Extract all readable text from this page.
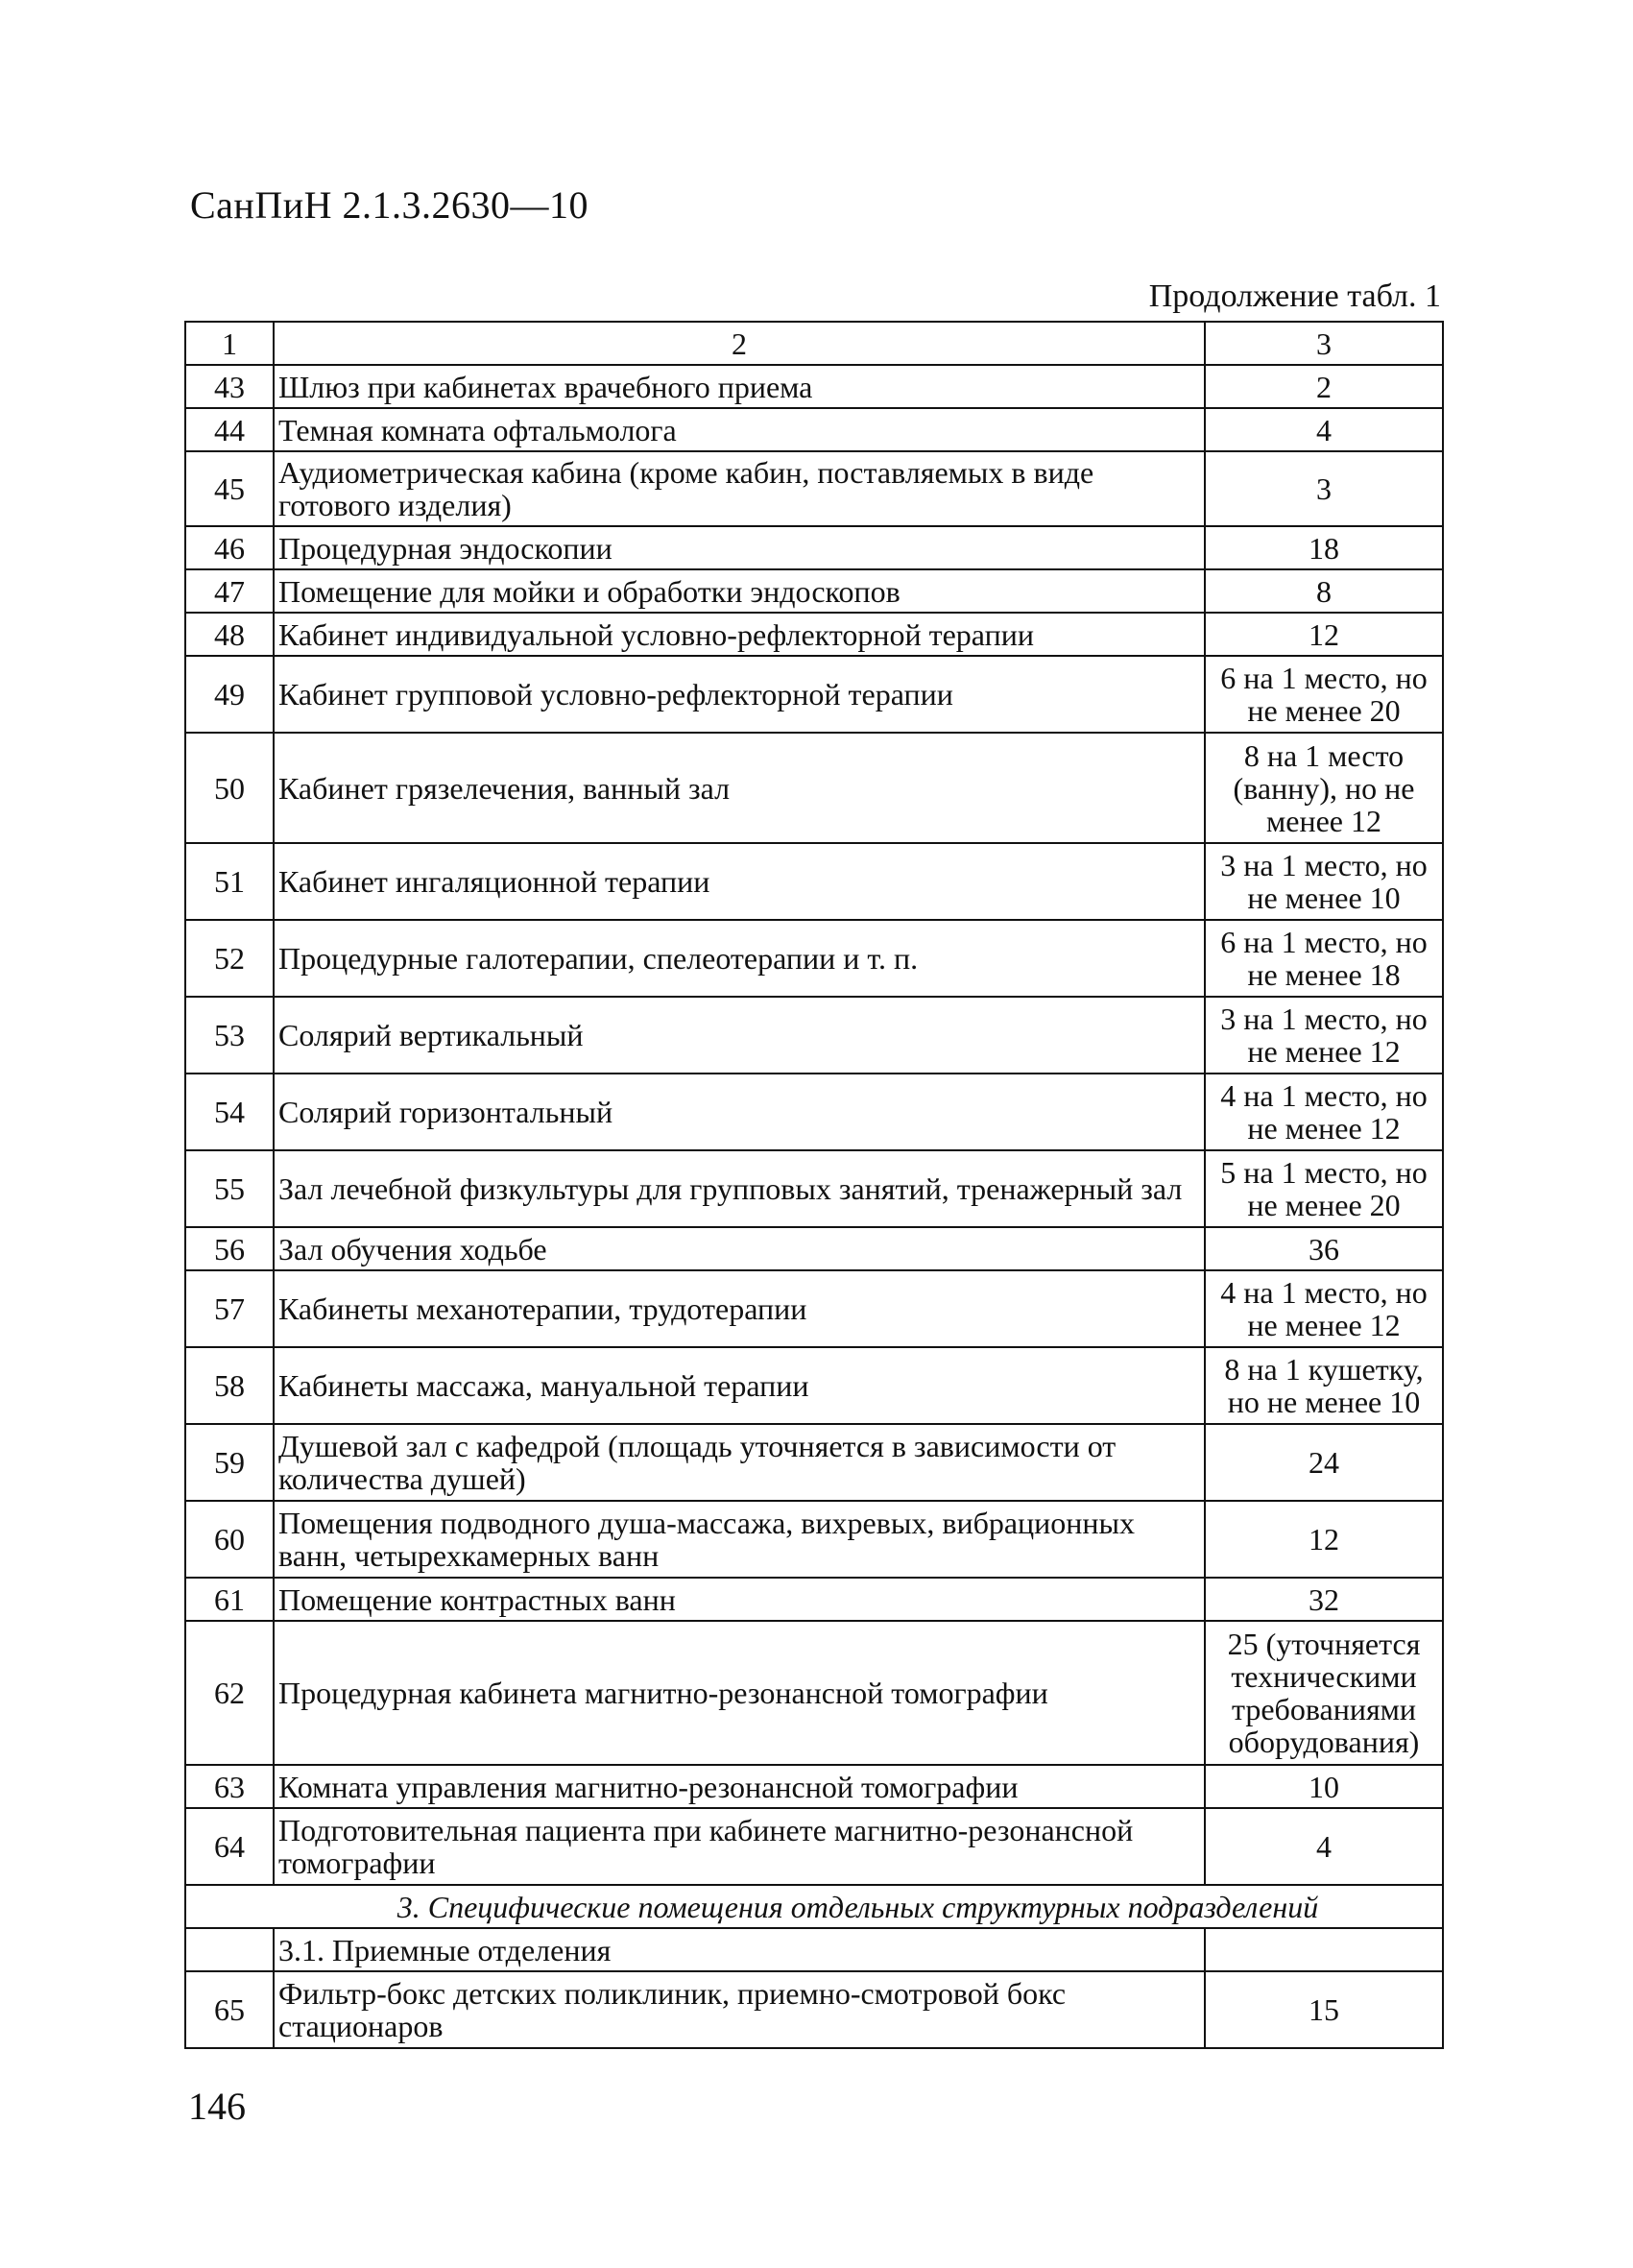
СанПиН 2.1.3.2630—10
Продолжение табл. 1
1	2	3
43	Шлюз при кабинетах врачебного приема	2
44	Темная комната офтальмолога	4
45	Аудиометрическая кабина (кроме кабин, поставляемых в виде готового изделия)	3
46	Процедурная эндоскопии	18
47	Помещение для мойки и обработки эндоскопов	8
48	Кабинет индивидуальной условно-рефлекторной терапии	12
49	Кабинет групповой условно-рефлекторной терапии	6 на 1 место, но не менее 20
50	Кабинет грязелечения, ванный зал	8 на 1 место (ванну), но не менее 12
51	Кабинет ингаляционной терапии	3 на 1 место, но не менее 10
52	Процедурные галотерапии, спелеотерапии и т. п.	6 на 1 место, но не менее 18
53	Солярий вертикальный	3 на 1 место, но не менее 12
54	Солярий горизонтальный	4 на 1 место, но не менее 12
55	Зал лечебной физкультуры для групповых занятий, тренажерный зал	5 на 1 место, но не менее 20
56	Зал обучения ходьбе	36
57	Кабинеты механотерапии, трудотерапии	4 на 1 место, но не менее 12
58	Кабинеты массажа, мануальной терапии	8 на 1 кушетку, но не менее 10
59	Душевой зал с кафедрой (площадь уточняется в зависимости от количества душей)	24
60	Помещения подводного душа-массажа, вихревых, вибрационных ванн, четырехкамерных ванн	12
61	Помещение контрастных ванн	32
62	Процедурная кабинета магнитно-резонансной томографии	25 (уточняется техническими требованиями оборудования)
63	Комната управления магнитно-резонансной томографии	10
64	Подготовительная пациента при кабинете магнитно-резонансной томографии	4
	3. Специфические помещения отдельных структурных подразделений	
	3.1. Приемные отделения	
65	Фильтр-бокс детских поликлиник, приемно-смотровой бокс стационаров	15
146
